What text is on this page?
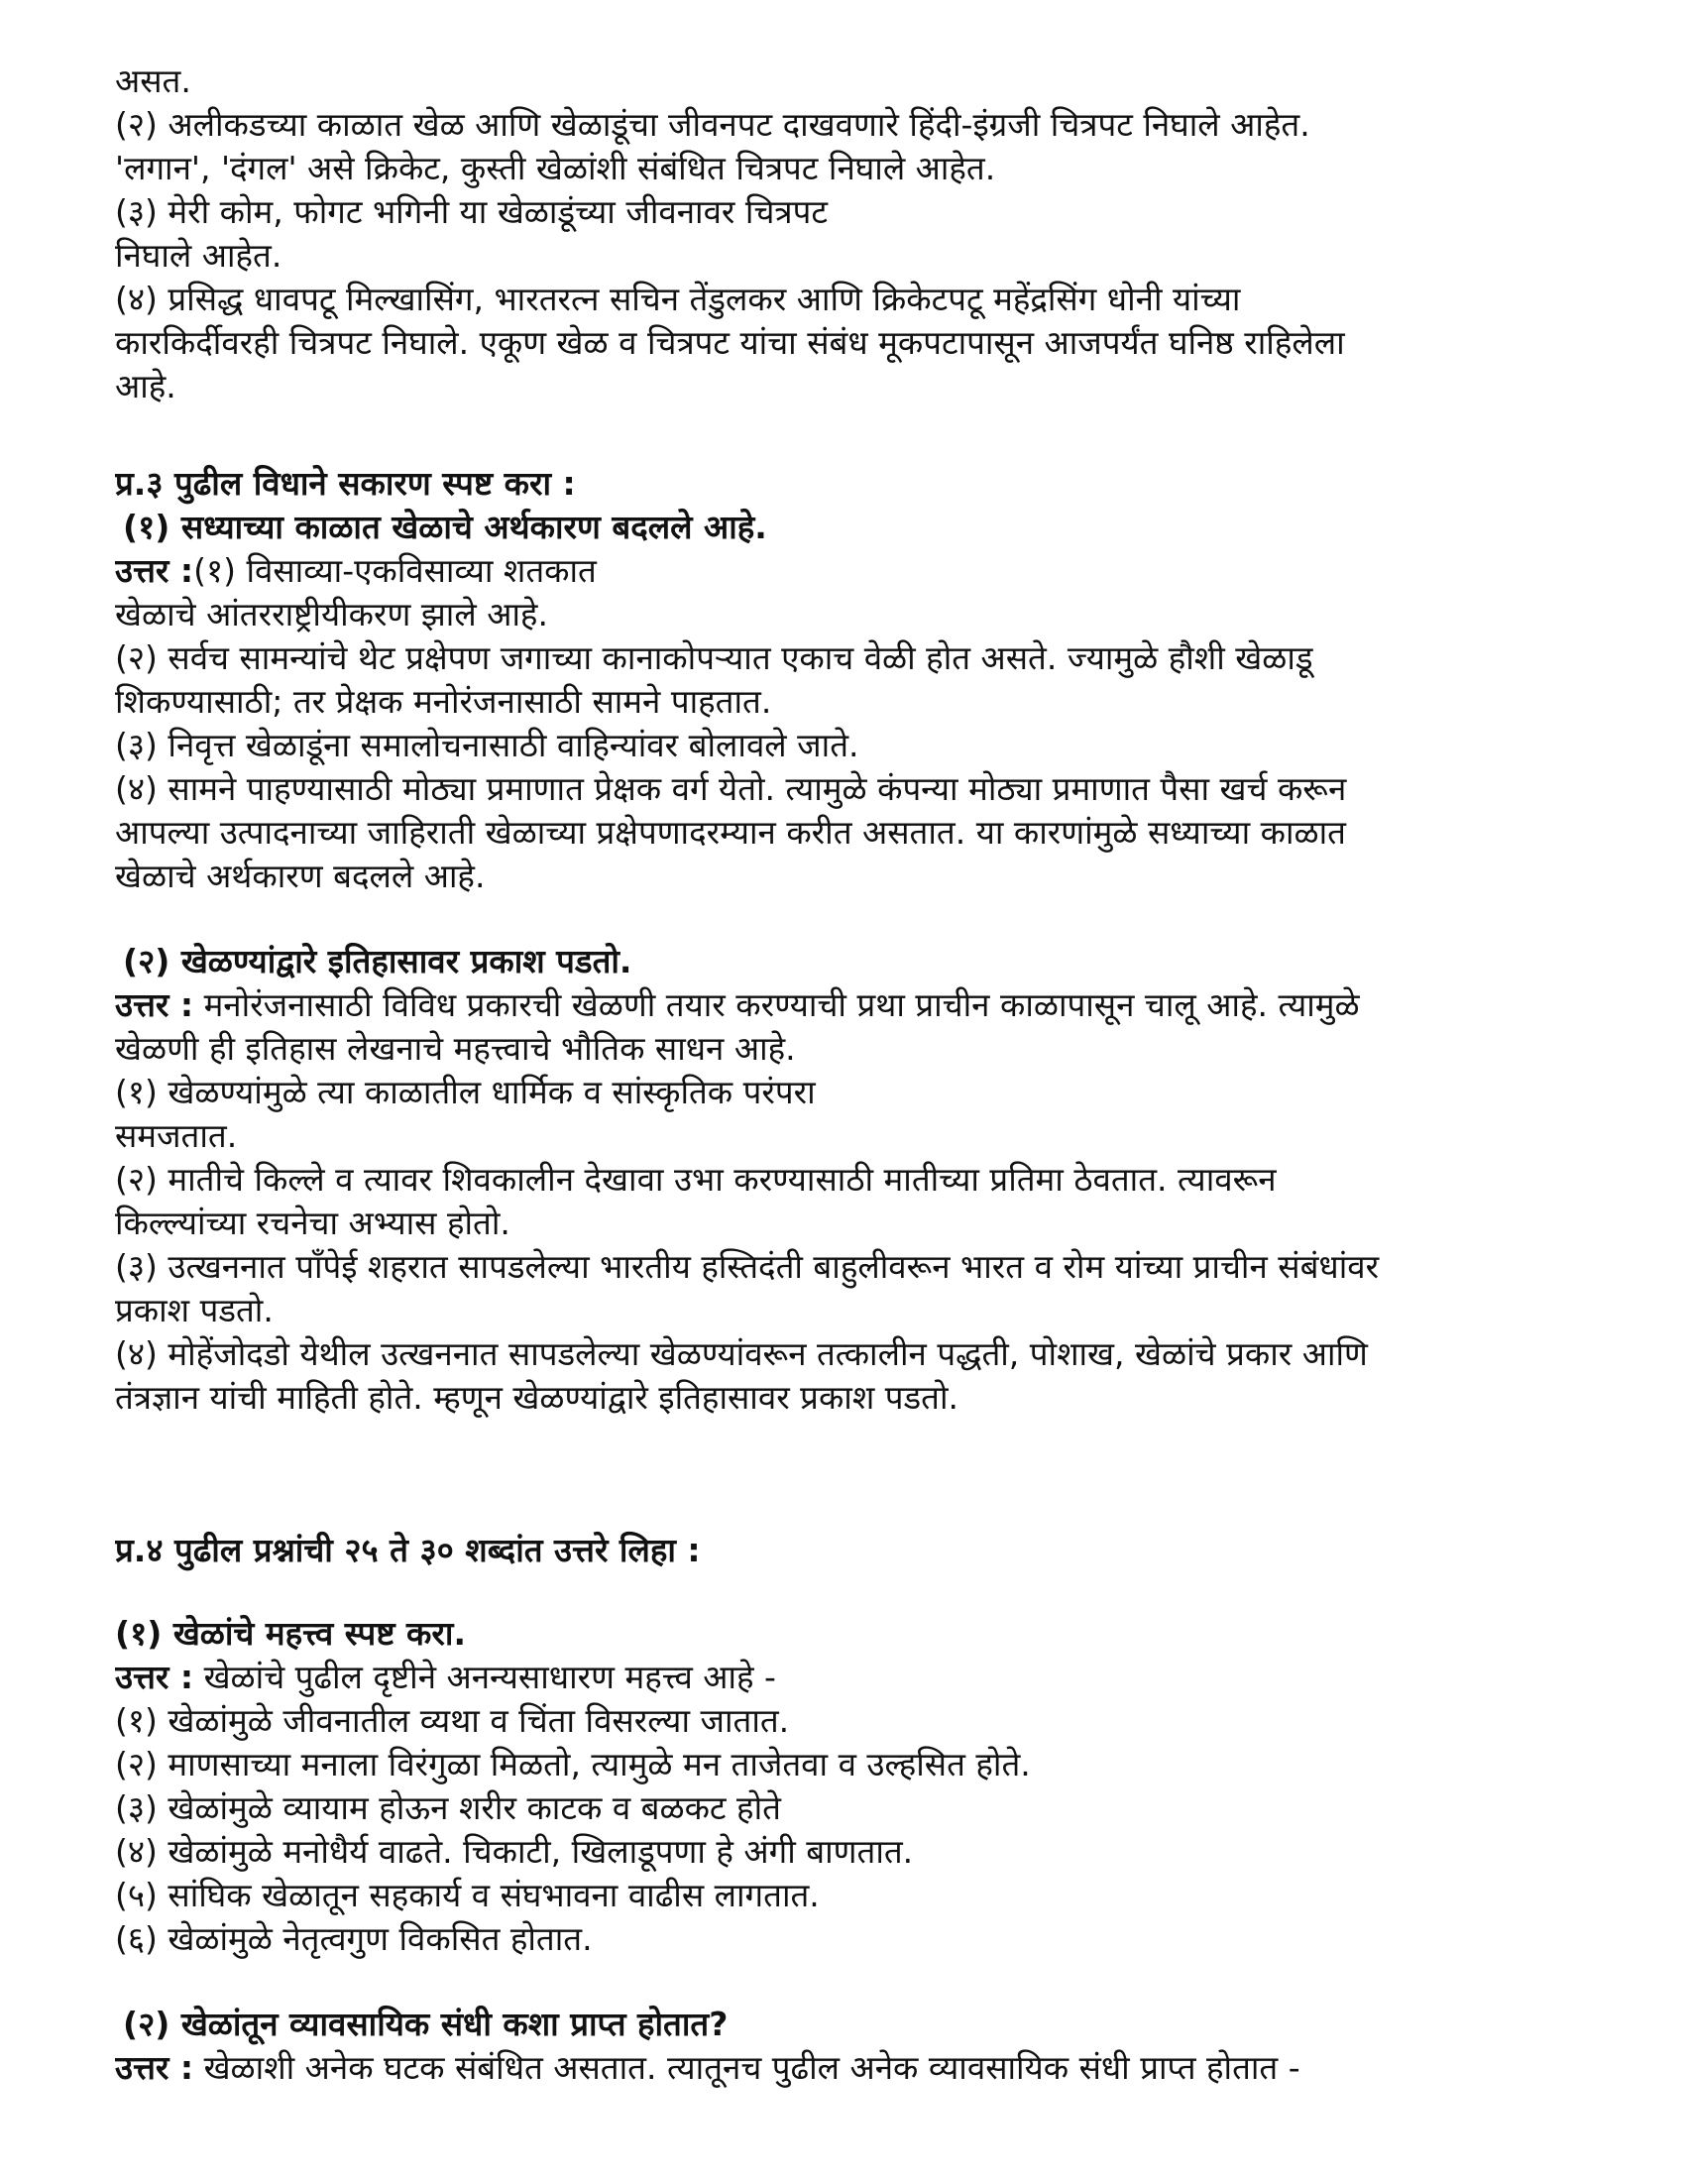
असत.
(२) अलीकडच्या काळात खेळ आणि खेळाडूंचा जीवनपट दाखवणारे हिंदी-इंग्रजी चित्रपट निघाले आहेत.
'लगान', 'दंगल' असे क्रिकेट, कुस्ती खेळांशी संबंधित चित्रपट निघाले आहेत.
(३) मेरी कोम, फोगट भगिनी या खेळाडूंच्या जीवनावर चित्रपट
निघाले आहेत.
(४) प्रसिद्ध धावपटू मिल्खासिंग, भारतरत्न सचिन तेंडुलकर आणि क्रिकेटपटू महेंद्रसिंग धोनी यांच्या
कारकिर्दीवरही चित्रपट निघाले. एकूण खेळ व चित्रपट यांचा संबंध मूकपटापासून आजपर्यंत घनिष्ठ राहिलेला
आहे.
प्र.३ पुढील विधाने सकारण स्पष्ट करा :
(१) सध्याच्या काळात खेळाचे अर्थकारण बदलले आहे.
उत्तर :(१) विसाव्या-एकविसाव्या शतकात
खेळाचे आंतरराष्ट्रीयीकरण झाले आहे.
(२) सर्वच सामन्यांचे थेट प्रक्षेपण जगाच्या कानाकोपऱ्यात एकाच वेळी होत असते. ज्यामुळे हौशी खेळाडू
शिकण्यासाठी; तर प्रेक्षक मनोरंजनासाठी सामने पाहतात.
(३) निवृत्त खेळाडूंना समालोचनासाठी वाहिन्यांवर बोलावले जाते.
(४) सामने पाहण्यासाठी मोठ्या प्रमाणात प्रेक्षक वर्ग येतो. त्यामुळे कंपन्या मोठ्या प्रमाणात पैसा खर्च करून
आपल्या उत्पादनाच्या जाहिराती खेळाच्या प्रक्षेपणादरम्यान करीत असतात. या कारणांमुळे सध्याच्या काळात
खेळाचे अर्थकारण बदलले आहे.
(२) खेळण्यांद्वारे इतिहासावर प्रकाश पडतो.
उत्तर : मनोरंजनासाठी विविध प्रकारची खेळणी तयार करण्याची प्रथा प्राचीन काळापासून चालू आहे. त्यामुळे
खेळणी ही इतिहास लेखनाचे महत्त्वाचे भौतिक साधन आहे.
(१) खेळण्यांमुळे त्या काळातील धार्मिक व सांस्कृतिक परंपरा
समजतात.
(२) मातीचे किल्ले व त्यावर शिवकालीन देखावा उभा करण्यासाठी मातीच्या प्रतिमा ठेवतात. त्यावरून
किल्ल्यांच्या रचनेचा अभ्यास होतो.
(३) उत्खननात पॉंपेई शहरात सापडलेल्या भारतीय हस्तिदंती बाहुलीवरून भारत व रोम यांच्या प्राचीन संबंधांवर
प्रकाश पडतो.
(४) मोहेंजोदडो येथील उत्खननात सापडलेल्या खेळण्यांवरून तत्कालीन पद्धती, पोशाख, खेळांचे प्रकार आणि
तंत्रज्ञान यांची माहिती होते. म्हणून खेळण्यांद्वारे इतिहासावर प्रकाश पडतो.
प्र.४ पुढील प्रश्नांची २५ ते ३० शब्दांत उत्तरे लिहा :
(१) खेळांचे महत्त्व स्पष्ट करा.
उत्तर : खेळांचे पुढील दृष्टीने अनन्यसाधारण महत्त्व आहे -
(१) खेळांमुळे जीवनातील व्यथा व चिंता विसरल्या जातात.
(२) माणसाच्या मनाला विरंगुळा मिळतो, त्यामुळे मन ताजेतवा व उल्हसित होते.
(३) खेळांमुळे व्यायाम होऊन शरीर काटक व बळकट होते
(४) खेळांमुळे मनोधैर्य वाढते. चिकाटी, खिलाडूपणा हे अंगी बाणतात.
(५) सांघिक खेळातून सहकार्य व संघभावना वाढीस लागतात.
(६) खेळांमुळे नेतृत्वगुण विकसित होतात.
(२) खेळांतून व्यावसायिक संधी कशा प्राप्त होतात?
उत्तर : खेळाशी अनेक घटक संबंधित असतात. त्यातूनच पुढील अनेक व्यावसायिक संधी प्राप्त होतात -
